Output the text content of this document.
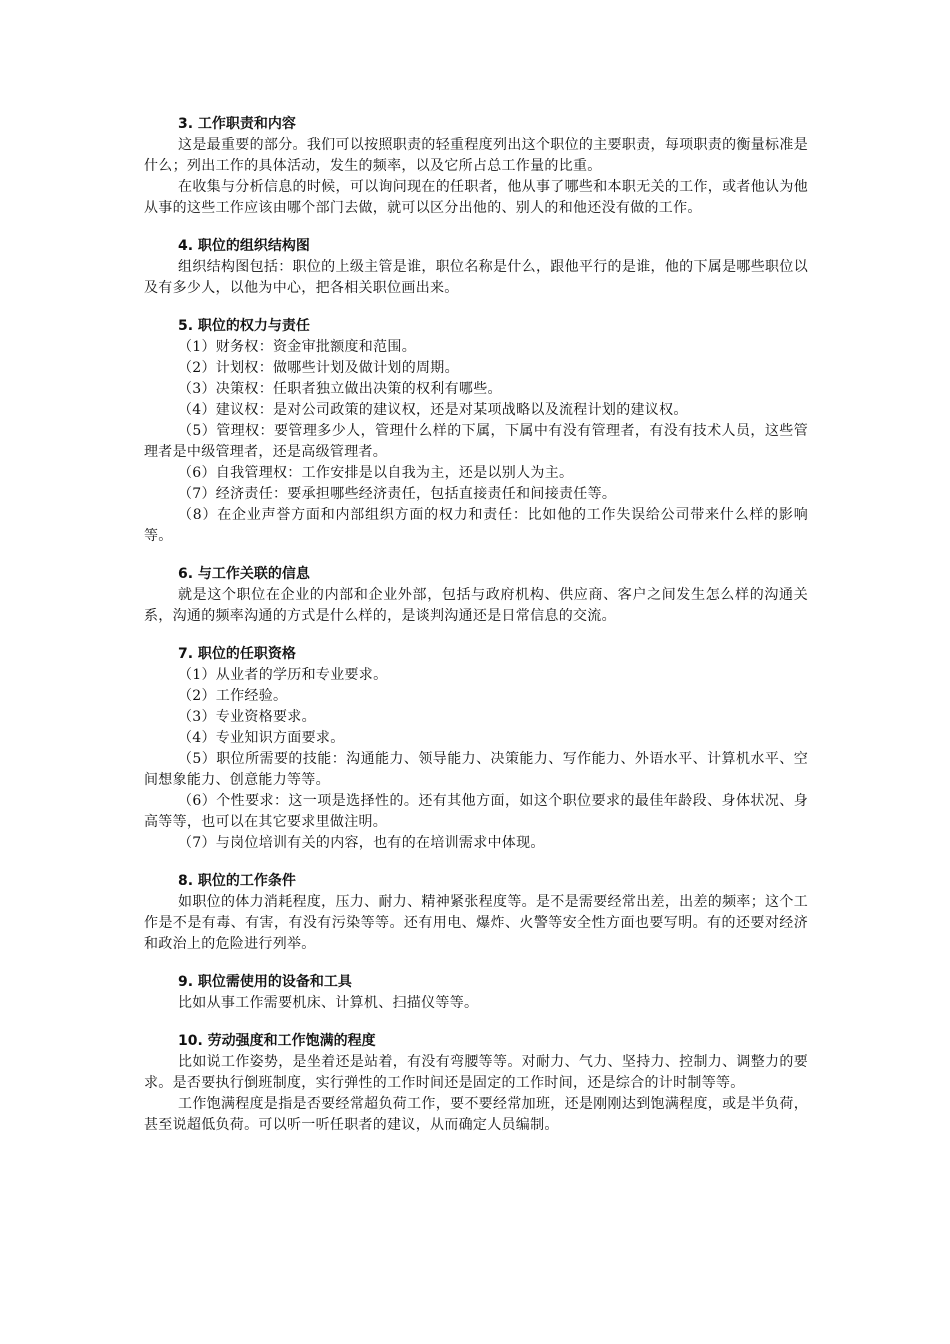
3. 工作职责和内容

这是最重要的部分。我们可以按照职责的轻重程度列出这个职位的主要职责，每项职责的衡量标准是什么；列出工作的具体活动，发生的频率，以及它所占总工作量的比重。

在收集与分析信息的时候，可以询问现在的任职者，他从事了哪些和本职无关的工作，或者他认为他从事的这些工作应该由哪个部门去做，就可以区分出他的、别人的和他还没有做的工作。

4. 职位的组织结构图

组织结构图包括：职位的上级主管是谁，职位名称是什么，跟他平行的是谁，他的下属是哪些职位以及有多少人，以他为中心，把各相关职位画出来。

5. 职位的权力与责任

（1）财务权：资金审批额度和范围。

（2）计划权：做哪些计划及做计划的周期。

（3）决策权：任职者独立做出决策的权利有哪些。

（4）建议权：是对公司政策的建议权，还是对某项战略以及流程计划的建议权。

（5）管理权：要管理多少人，管理什么样的下属，下属中有没有管理者，有没有技术人员，这些管理者是中级管理者，还是高级管理者。

（6）自我管理权：工作安排是以自我为主，还是以别人为主。

（7）经济责任：要承担哪些经济责任，包括直接责任和间接责任等。

（8）在企业声誉方面和内部组织方面的权力和责任：比如他的工作失误给公司带来什么样的影响等。

6. 与工作关联的信息

就是这个职位在企业的内部和企业外部，包括与政府机构、供应商、客户之间发生怎么样的沟通关系，沟通的频率沟通的方式是什么样的，是谈判沟通还是日常信息的交流。

7. 职位的任职资格

（1）从业者的学历和专业要求。

（2）工作经验。

（3）专业资格要求。

（4）专业知识方面要求。

（5）职位所需要的技能：沟通能力、领导能力、决策能力、写作能力、外语水平、计算机水平、空间想象能力、创意能力等等。

（6）个性要求：这一项是选择性的。还有其他方面，如这个职位要求的最佳年龄段、身体状况、身高等等，也可以在其它要求里做注明。

（7）与岗位培训有关的内容，也有的在培训需求中体现。

8. 职位的工作条件

如职位的体力消耗程度，压力、耐力、精神紧张程度等。是不是需要经常出差，出差的频率；这个工作是不是有毒、有害，有没有污染等等。还有用电、爆炸、火警等安全性方面也要写明。有的还要对经济和政治上的危险进行列举。

9. 职位需使用的设备和工具

比如从事工作需要机床、计算机、扫描仪等等。

10. 劳动强度和工作饱满的程度

比如说工作姿势，是坐着还是站着，有没有弯腰等等。对耐力、气力、坚持力、控制力、调整力的要求。是否要执行倒班制度，实行弹性的工作时间还是固定的工作时间，还是综合的计时制等等。

工作饱满程度是指是否要经常超负荷工作，要不要经常加班，还是刚刚达到饱满程度，或是半负荷，甚至说超低负荷。可以听一听任职者的建议，从而确定人员编制。
